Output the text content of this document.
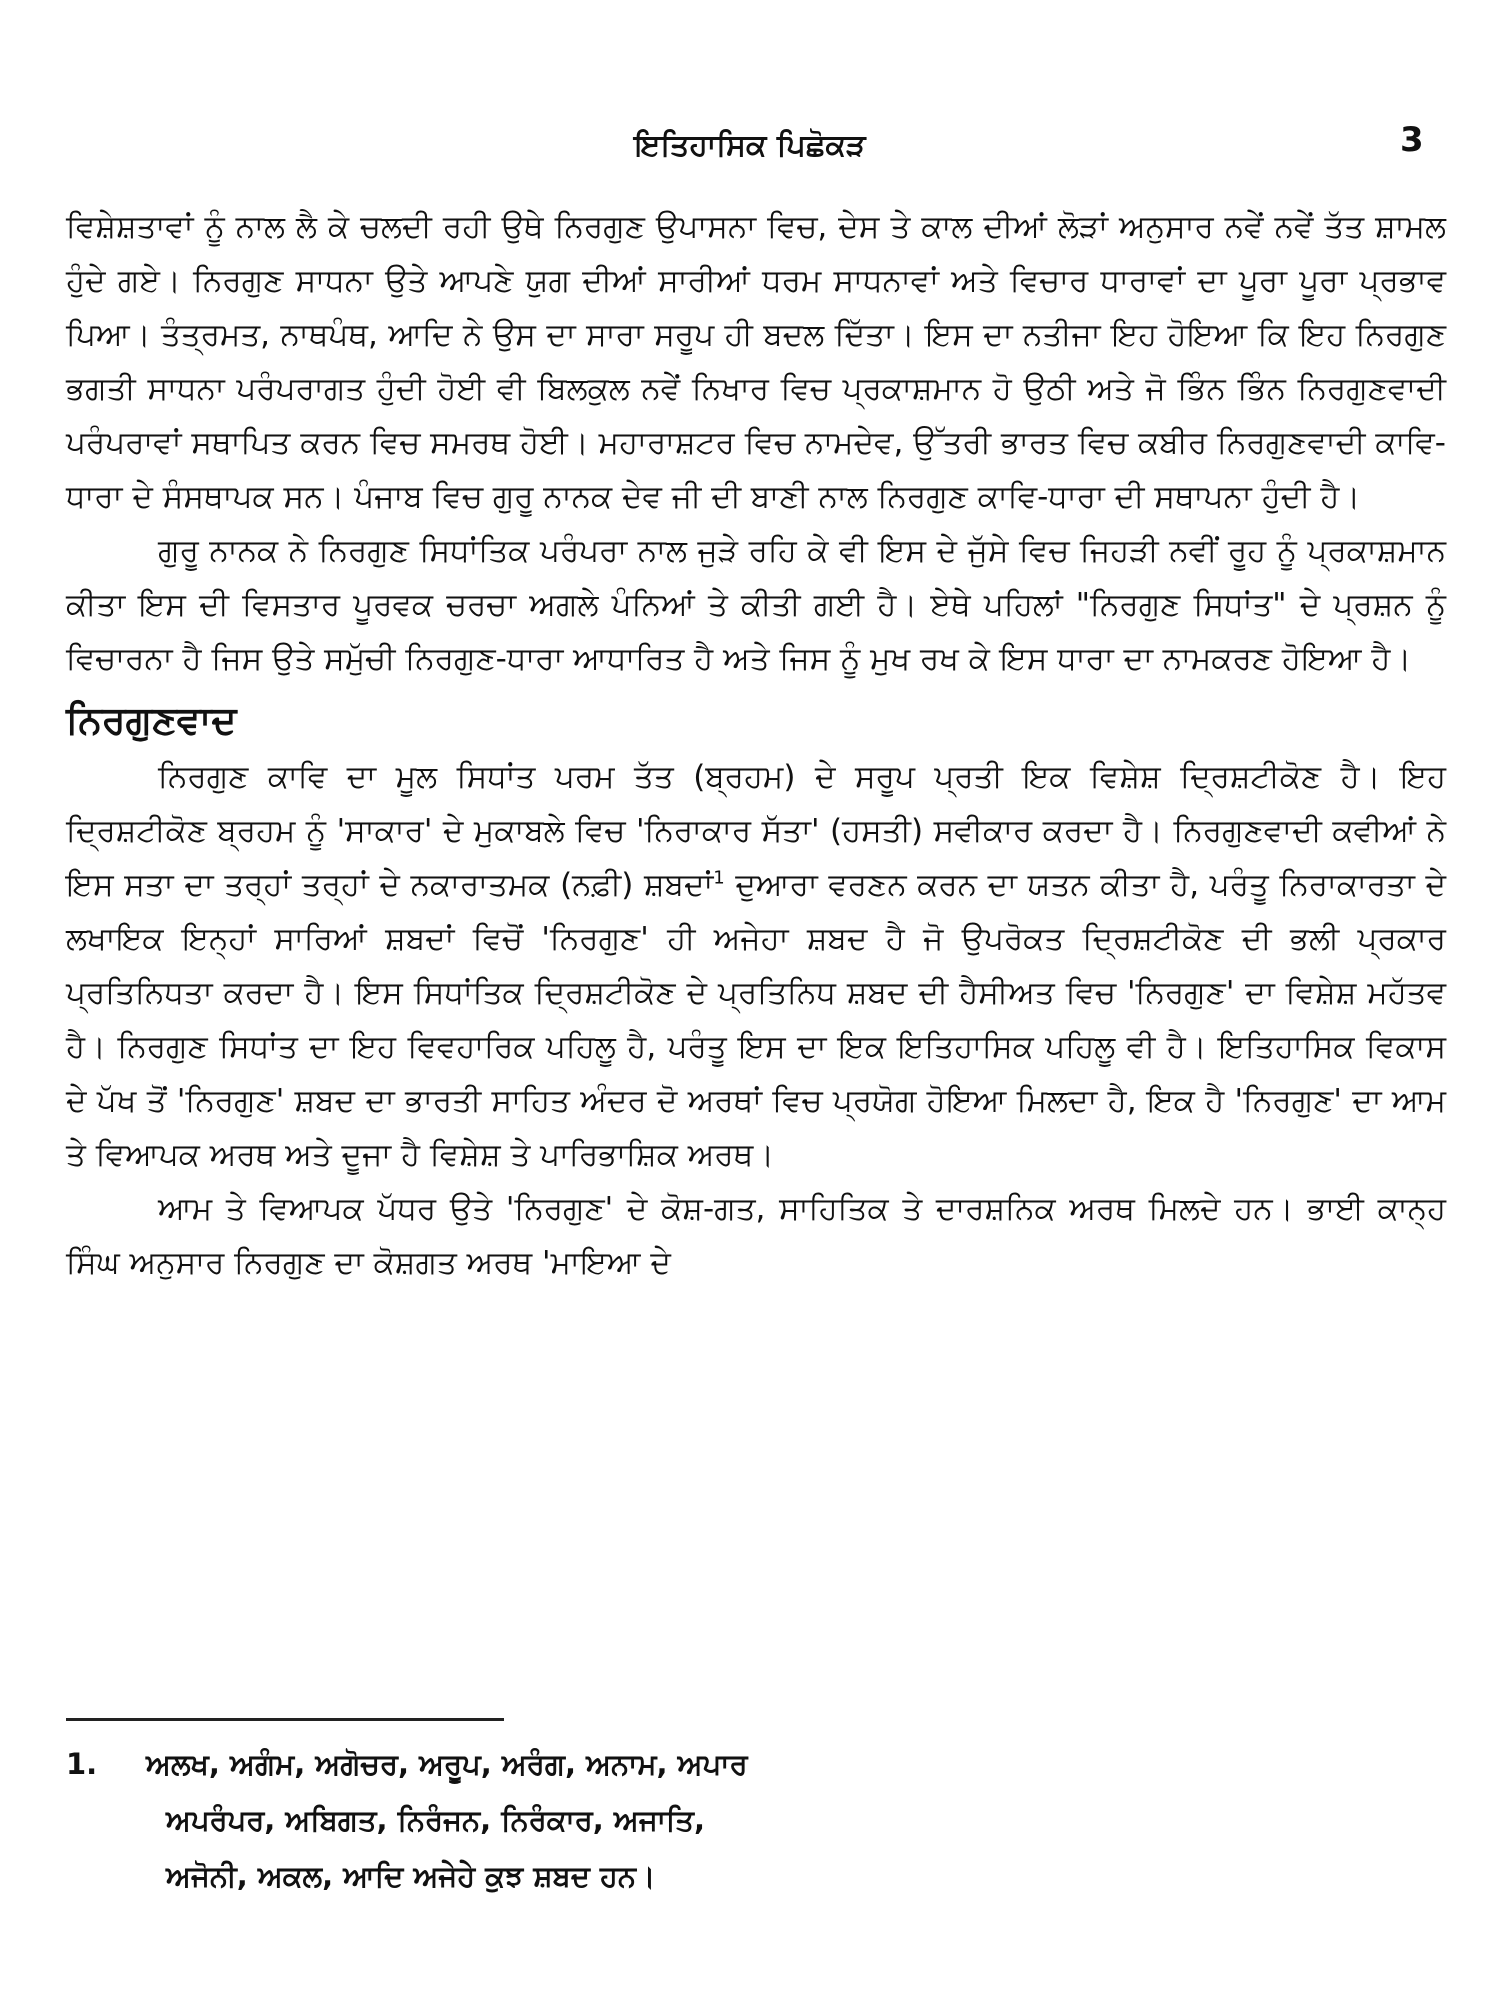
ਇਤਿਹਾਸਿਕ ਪਿਛੋਕੜ	3

ਵਿਸ਼ੇਸ਼ਤਾਵਾਂ ਨੂੰ ਨਾਲ ਲੈ ਕੇ ਚਲਦੀ ਰਹੀ ਉਥੇ ਨਿਰਗੁਣ ਉਪਾਸਨਾ ਵਿਚ, ਦੇਸ ਤੇ ਕਾਲ ਦੀਆਂ ਲੋੜਾਂ ਅਨੁਸਾਰ ਨਵੇਂ ਨਵੇਂ ਤੱਤ ਸ਼ਾਮਲ ਹੁੰਦੇ ਗਏ। ਨਿਰਗੁਣ ਸਾਧਨਾ ਉਤੇ ਆਪਣੇ ਯੁਗ ਦੀਆਂ ਸਾਰੀਆਂ ਧਰਮ ਸਾਧਨਾਵਾਂ ਅਤੇ ਵਿਚਾਰ ਧਾਰਾਵਾਂ ਦਾ ਪੂਰਾ ਪੂਰਾ ਪ੍ਰਭਾਵ ਪਿਆ। ਤੰਤ੍ਰਮਤ, ਨਾਥਪੰਥ, ਆਦਿ ਨੇ ਉਸ ਦਾ ਸਾਰਾ ਸਰੂਪ ਹੀ ਬਦਲ ਦਿੱਤਾ। ਇਸ ਦਾ ਨਤੀਜਾ ਇਹ ਹੋਇਆ ਕਿ ਇਹ ਨਿਰਗੁਣ ਭਗਤੀ ਸਾਧਨਾ ਪਰੰਪਰਾਗਤ ਹੁੰਦੀ ਹੋਈ ਵੀ ਬਿਲਕੁਲ ਨਵੇਂ ਨਿਖਾਰ ਵਿਚ ਪ੍ਰਕਾਸ਼ਮਾਨ ਹੋ ਉਠੀ ਅਤੇ ਜੋ ਭਿੰਨ ਭਿੰਨ ਨਿਰਗੁਣਵਾਦੀ ਪਰੰਪਰਾਵਾਂ ਸਥਾਪਿਤ ਕਰਨ ਵਿਚ ਸਮਰਥ ਹੋਈ। ਮਹਾਰਾਸ਼ਟਰ ਵਿਚ ਨਾਮਦੇਵ, ਉੱਤਰੀ ਭਾਰਤ ਵਿਚ ਕਬੀਰ ਨਿਰਗੁਣਵਾਦੀ ਕਾਵਿ-ਧਾਰਾ ਦੇ ਸੰਸਥਾਪਕ ਸਨ। ਪੰਜਾਬ ਵਿਚ ਗੁਰੂ ਨਾਨਕ ਦੇਵ ਜੀ ਦੀ ਬਾਣੀ ਨਾਲ ਨਿਰਗੁਣ ਕਾਵਿ-ਧਾਰਾ ਦੀ ਸਥਾਪਨਾ ਹੁੰਦੀ ਹੈ।

ਗੁਰੂ ਨਾਨਕ ਨੇ ਨਿਰਗੁਣ ਸਿਧਾਂਤਿਕ ਪਰੰਪਰਾ ਨਾਲ ਜੁੜੇ ਰਹਿ ਕੇ ਵੀ ਇਸ ਦੇ ਜੁੱਸੇ ਵਿਚ ਜਿਹੜੀ ਨਵੀਂ ਰੂਹ ਨੂੰ ਪ੍ਰਕਾਸ਼ਮਾਨ ਕੀਤਾ ਇਸ ਦੀ ਵਿਸਤਾਰ ਪੂਰਵਕ ਚਰਚਾ ਅਗਲੇ ਪੰਨਿਆਂ ਤੇ ਕੀਤੀ ਗਈ ਹੈ। ਏਥੇ ਪਹਿਲਾਂ "ਨਿਰਗੁਣ ਸਿਧਾਂਤ" ਦੇ ਪ੍ਰਸ਼ਨ ਨੂੰ ਵਿਚਾਰਨਾ ਹੈ ਜਿਸ ਉਤੇ ਸਮੁੱਚੀ ਨਿਰਗੁਣ-ਧਾਰਾ ਆਧਾਰਿਤ ਹੈ ਅਤੇ ਜਿਸ ਨੂੰ ਮੁਖ ਰਖ ਕੇ ਇਸ ਧਾਰਾ ਦਾ ਨਾਮਕਰਣ ਹੋਇਆ ਹੈ।

ਨਿਰਗੁਣਵਾਦ

ਨਿਰਗੁਣ ਕਾਵਿ ਦਾ ਮੂਲ ਸਿਧਾਂਤ ਪਰਮ ਤੱਤ (ਬ੍ਰਹਮ) ਦੇ ਸਰੂਪ ਪ੍ਰਤੀ ਇਕ ਵਿਸ਼ੇਸ਼ ਦ੍ਰਿਸ਼ਟੀਕੋਣ ਹੈ। ਇਹ ਦ੍ਰਿਸ਼ਟੀਕੋਣ ਬ੍ਰਹਮ ਨੂੰ 'ਸਾਕਾਰ' ਦੇ ਮੁਕਾਬਲੇ ਵਿਚ 'ਨਿਰਾਕਾਰ ਸੱਤਾ' (ਹਸਤੀ) ਸਵੀਕਾਰ ਕਰਦਾ ਹੈ। ਨਿਰਗੁਣਵਾਦੀ ਕਵੀਆਂ ਨੇ ਇਸ ਸਤਾ ਦਾ ਤਰ੍ਹਾਂ ਤਰ੍ਹਾਂ ਦੇ ਨਕਾਰਾਤਮਕ (ਨਫ਼ੀ) ਸ਼ਬਦਾਂ$^1$ ਦੁਆਰਾ ਵਰਣਨ ਕਰਨ ਦਾ ਯਤਨ ਕੀਤਾ ਹੈ, ਪਰੰਤੂ ਨਿਰਾਕਾਰਤਾ ਦੇ ਲਖਾਇਕ ਇਨ੍ਹਾਂ ਸਾਰਿਆਂ ਸ਼ਬਦਾਂ ਵਿਚੋਂ 'ਨਿਰਗੁਣ' ਹੀ ਅਜੇਹਾ ਸ਼ਬਦ ਹੈ ਜੋ ਉਪਰੋਕਤ ਦ੍ਰਿਸ਼ਟੀਕੋਣ ਦੀ ਭਲੀ ਪ੍ਰਕਾਰ ਪ੍ਰਤਿਨਿਧਤਾ ਕਰਦਾ ਹੈ। ਇਸ ਸਿਧਾਂਤਿਕ ਦ੍ਰਿਸ਼ਟੀਕੋਣ ਦੇ ਪ੍ਰਤਿਨਿਧ ਸ਼ਬਦ ਦੀ ਹੈਸੀਅਤ ਵਿਚ 'ਨਿਰਗੁਣ' ਦਾ ਵਿਸ਼ੇਸ਼ ਮਹੱਤਵ ਹੈ। ਨਿਰਗੁਣ ਸਿਧਾਂਤ ਦਾ ਇਹ ਵਿਵਹਾਰਿਕ ਪਹਿਲੂ ਹੈ, ਪਰੰਤੂ ਇਸ ਦਾ ਇਕ ਇਤਿਹਾਸਿਕ ਪਹਿਲੂ ਵੀ ਹੈ। ਇਤਿਹਾਸਿਕ ਵਿਕਾਸ ਦੇ ਪੱਖ ਤੋਂ 'ਨਿਰਗੁਣ' ਸ਼ਬਦ ਦਾ ਭਾਰਤੀ ਸਾਹਿਤ ਅੰਦਰ ਦੋ ਅਰਥਾਂ ਵਿਚ ਪ੍ਰਯੋਗ ਹੋਇਆ ਮਿਲਦਾ ਹੈ, ਇਕ ਹੈ 'ਨਿਰਗੁਣ' ਦਾ ਆਮ ਤੇ ਵਿਆਪਕ ਅਰਥ ਅਤੇ ਦੂਜਾ ਹੈ ਵਿਸ਼ੇਸ਼ ਤੇ ਪਾਰਿਭਾਸ਼ਿਕ ਅਰਥ।

ਆਮ ਤੇ ਵਿਆਪਕ ਪੱਧਰ ਉਤੇ 'ਨਿਰਗੁਣ' ਦੇ ਕੋਸ਼-ਗਤ, ਸਾਹਿਤਿਕ ਤੇ ਦਾਰਸ਼ਨਿਕ ਅਰਥ ਮਿਲਦੇ ਹਨ। ਭਾਈ ਕਾਨ੍ਹ ਸਿੰਘ ਅਨੁਸਾਰ ਨਿਰਗੁਣ ਦਾ ਕੋਸ਼ਗਤ ਅਰਥ 'ਮਾਇਆ ਦੇ

1. ਅਲਖ, ਅਗੰਮ, ਅਗੋਚਰ, ਅਰੂਪ, ਅਰੰਗ, ਅਨਾਮ, ਅਪਾਰ
ਅਪਰੰਪਰ, ਅਬਿਗਤ, ਨਿਰੰਜਨ, ਨਿਰੰਕਾਰ, ਅਜਾਤਿ,
ਅਜੋਨੀ, ਅਕਲ, ਆਦਿ ਅਜੇਹੇ ਕੁਝ ਸ਼ਬਦ ਹਨ।
